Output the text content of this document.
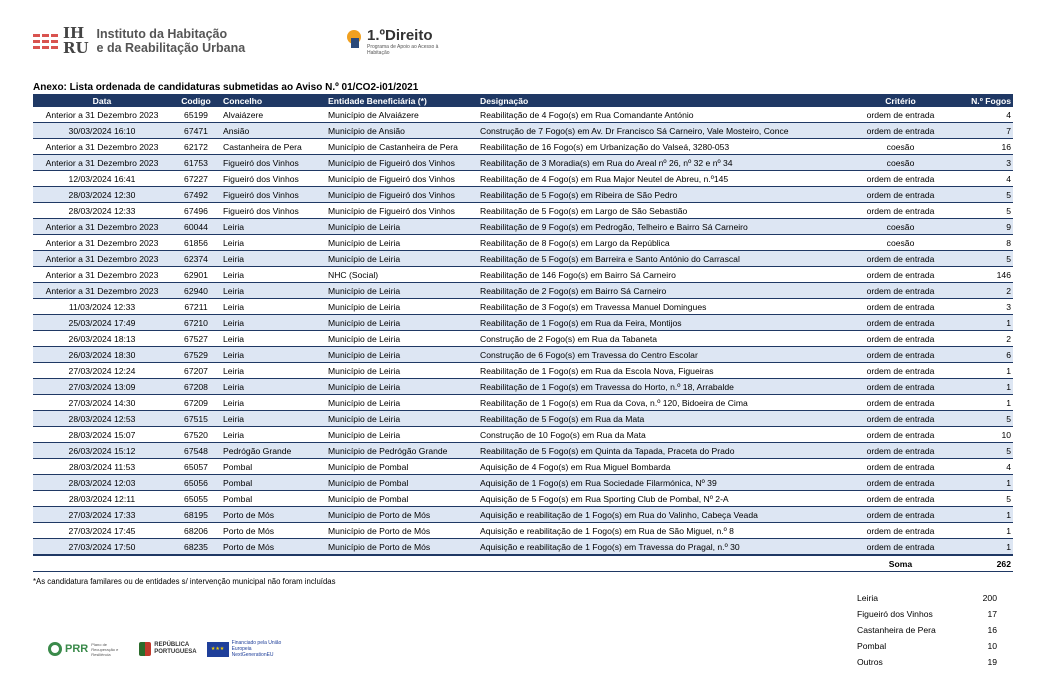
IH
RU
Instituto da Habitação
e da Reabilitação Urbana
1.ºDireito
Programa de Apoio ao Acesso à Habitação
Anexo: Lista ordenada de candidaturas submetidas ao Aviso N.º 01/CO2-i01/2021
Data	Codigo	Concelho	Entidade Beneficiária (*)	Designação	Critério	N.º Fogos
Anterior a 31 Dezembro 2023	65199	Alvaiázere	Município de Alvaiázere	Reabilitação de 4 Fogo(s) em Rua Comandante António	ordem de entrada	4
30/03/2024 16:10	67471	Ansião	Município de Ansião	Construção de 7 Fogo(s) em Av. Dr Francisco Sá Carneiro, Vale Mosteiro, Conce	ordem de entrada	7
Anterior a 31 Dezembro 2023	62172	Castanheira de Pera	Município de Castanheira de Pera	Reabilitação de 16 Fogo(s) em Urbanização do Valseá, 3280-053	coesão	16
Anterior a 31 Dezembro 2023	61753	Figueiró dos Vinhos	Município de Figueiró dos Vinhos	Reabilitação de 3 Moradia(s) em Rua do Areal nº 26, nº 32 e nº 34	coesão	3
12/03/2024 16:41	67227	Figueiró dos Vinhos	Município de Figueiró dos Vinhos	Reabilitação de 4 Fogo(s) em Rua Major Neutel de Abreu, n.º145	ordem de entrada	4
28/03/2024 12:30	67492	Figueiró dos Vinhos	Município de Figueiró dos Vinhos	Reabilitação de 5 Fogo(s) em Ribeira de São Pedro	ordem de entrada	5
28/03/2024 12:33	67496	Figueiró dos Vinhos	Município de Figueiró dos Vinhos	Reabilitação de 5 Fogo(s) em Largo de São Sebastião	ordem de entrada	5
Anterior a 31 Dezembro 2023	60044	Leiria	Município de Leiria	Reabilitação de 9 Fogo(s) em Pedrogão, Telheiro e Bairro Sá Carneiro	coesão	9
Anterior a 31 Dezembro 2023	61856	Leiria	Município de Leiria	Reabilitação de 8 Fogo(s) em Largo da República	coesão	8
Anterior a 31 Dezembro 2023	62374	Leiria	Município de Leiria	Reabilitação de 5 Fogo(s) em Barreira e Santo António do Carrascal	ordem de entrada	5
Anterior a 31 Dezembro 2023	62901	Leiria	NHC (Social)	Reabilitação de 146 Fogo(s) em Bairro Sá Carneiro	ordem de entrada	146
Anterior a 31 Dezembro 2023	62940	Leiria	Município de Leiria	Reabilitação de 2 Fogo(s) em Bairro Sá Carneiro	ordem de entrada	2
11/03/2024 12:33	67211	Leiria	Município de Leiria	Reabilitação de 3 Fogo(s) em Travessa Manuel Domingues	ordem de entrada	3
25/03/2024 17:49	67210	Leiria	Município de Leiria	Reabilitação de 1 Fogo(s) em Rua da Feira, Montijos	ordem de entrada	1
26/03/2024 18:13	67527	Leiria	Município de Leiria	Construção de 2 Fogo(s) em Rua da Tabaneta	ordem de entrada	2
26/03/2024 18:30	67529	Leiria	Município de Leiria	Construção de 6 Fogo(s) em Travessa do Centro Escolar	ordem de entrada	6
27/03/2024 12:24	67207	Leiria	Município de Leiria	Reabilitação de 1 Fogo(s) em Rua da Escola Nova, Figueiras	ordem de entrada	1
27/03/2024 13:09	67208	Leiria	Município de Leiria	Reabilitação de 1 Fogo(s) em Travessa do Horto, n.º 18, Arrabalde	ordem de entrada	1
27/03/2024 14:30	67209	Leiria	Município de Leiria	Reabilitação de 1 Fogo(s) em Rua da Cova, n.º 120, Bidoeira de Cima	ordem de entrada	1
28/03/2024 12:53	67515	Leiria	Município de Leiria	Reabilitação de 5 Fogo(s) em Rua da Mata	ordem de entrada	5
28/03/2024 15:07	67520	Leiria	Município de Leiria	Construção de 10 Fogo(s) em Rua da Mata	ordem de entrada	10
26/03/2024 15:12	67548	Pedrógão Grande	Município de Pedrógão Grande	Reabilitação de 5 Fogo(s) em Quinta da Tapada, Praceta do Prado	ordem de entrada	5
28/03/2024 11:53	65057	Pombal	Município de Pombal	Aquisição de 4 Fogo(s) em Rua Miguel Bombarda	ordem de entrada	4
28/03/2024 12:03	65056	Pombal	Município de Pombal	Aquisição de 1 Fogo(s) em Rua Sociedade Filarmónica, Nº 39	ordem de entrada	1
28/03/2024 12:11	65055	Pombal	Município de Pombal	Aquisição de 5 Fogo(s) em Rua Sporting Club de Pombal, Nº 2-A	ordem de entrada	5
27/03/2024 17:33	68195	Porto de Mós	Município de Porto de Mós	Aquisição e reabilitação de 1 Fogo(s) em Rua do Valinho, Cabeça Veada	ordem de entrada	1
27/03/2024 17:45	68206	Porto de Mós	Município de Porto de Mós	Aquisição e reabilitação de 1 Fogo(s) em Rua de São Miguel, n.º 8	ordem de entrada	1
27/03/2024 17:50	68235	Porto de Mós	Município de Porto de Mós	Aquisição e reabilitação de 1 Fogo(s) em Travessa do Pragal, n.º 30	ordem de entrada	1
					Soma	262
*As candidatura familares ou de entidades s/ intervenção municipal não foram incluídas
Leiria	200
Figueiró dos Vinhos	17
Castanheira de Pera	16
Pombal	10
Outros	19
PRR Plano de Recuperação e Resiliência
REPÚBLICA
PORTUGUESA	★★★
Financiado pela União Europeia NextGenerationEU
